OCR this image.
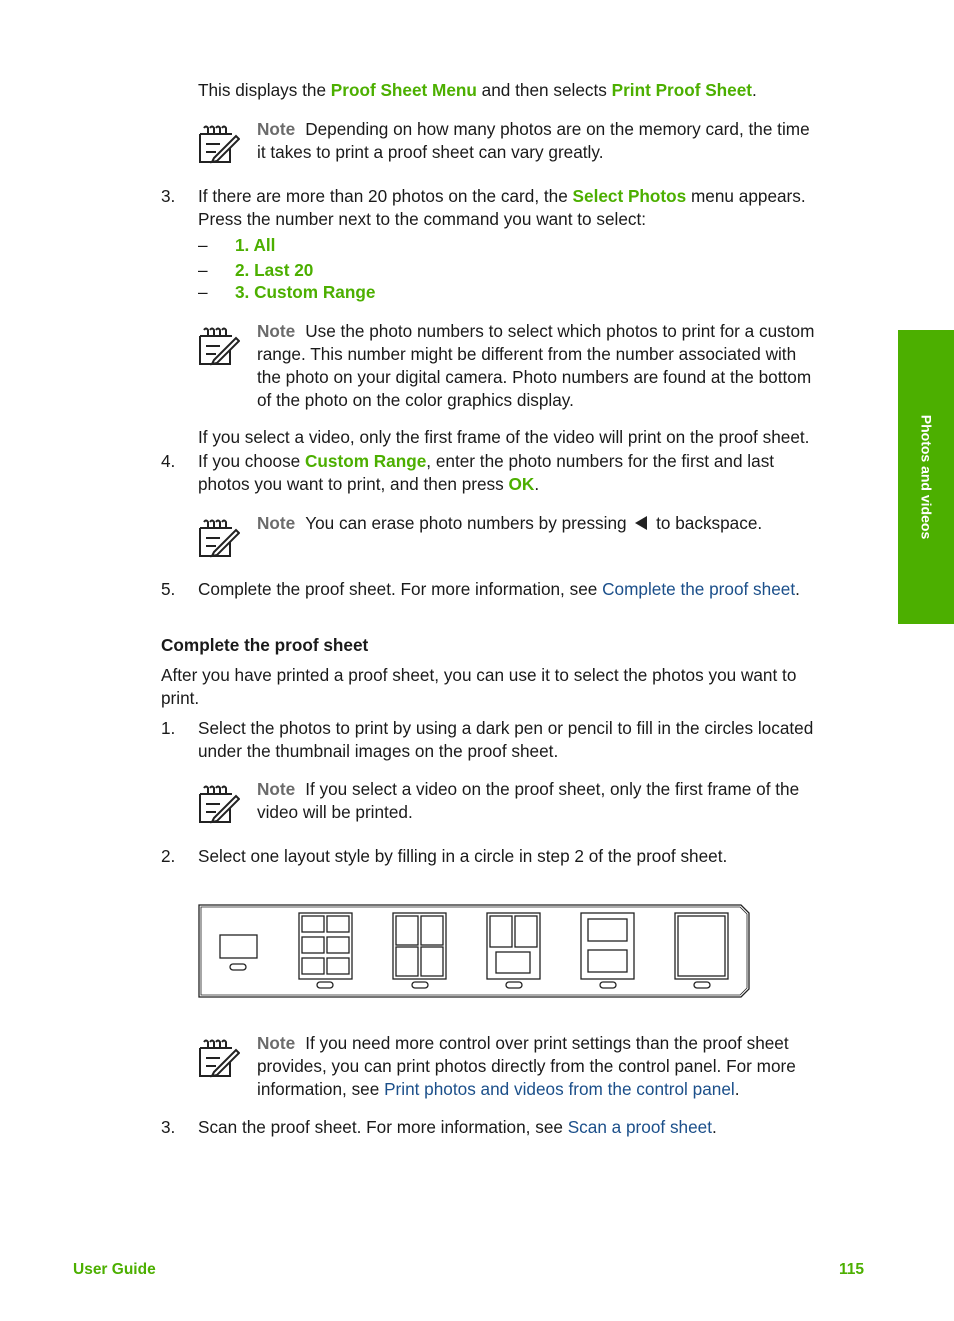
This displays the Proof Sheet Menu and then selects Print Proof Sheet.
Note Depending on how many photos are on the memory card, the time
it takes to print a proof sheet can vary greatly.
3. If there are more than 20 photos on the card, the Select Photos menu appears.
Press the number next to the command you want to select:
– 1. All
– 2. Last 20
– 3. Custom Range
Note Use the photo numbers to select which photos to print for a custom
range. This number might be different from the number associated with
the photo on your digital camera. Photo numbers are found at the bottom
of the photo on the color graphics display.
If you select a video, only the first frame of the video will print on the proof sheet.
4. If you choose Custom Range, enter the photo numbers for the first and last
photos you want to print, and then press OK.
Note You can erase photo numbers by pressing  to backspace.
5. Complete the proof sheet. For more information, see Complete the proof sheet.
Complete the proof sheet
After you have printed a proof sheet, you can use it to select the photos you want to
print.
1. Select the photos to print by using a dark pen or pencil to fill in the circles located
under the thumbnail images on the proof sheet.
Note If you select a video on the proof sheet, only the first frame of the
video will be printed.
2. Select one layout style by filling in a circle in step 2 of the proof sheet.
Note If you need more control over print settings than the proof sheet
provides, you can print photos directly from the control panel. For more
information, see Print photos and videos from the control panel.
3. Scan the proof sheet. For more information, see Scan a proof sheet.
Photos and videos
User Guide	115
